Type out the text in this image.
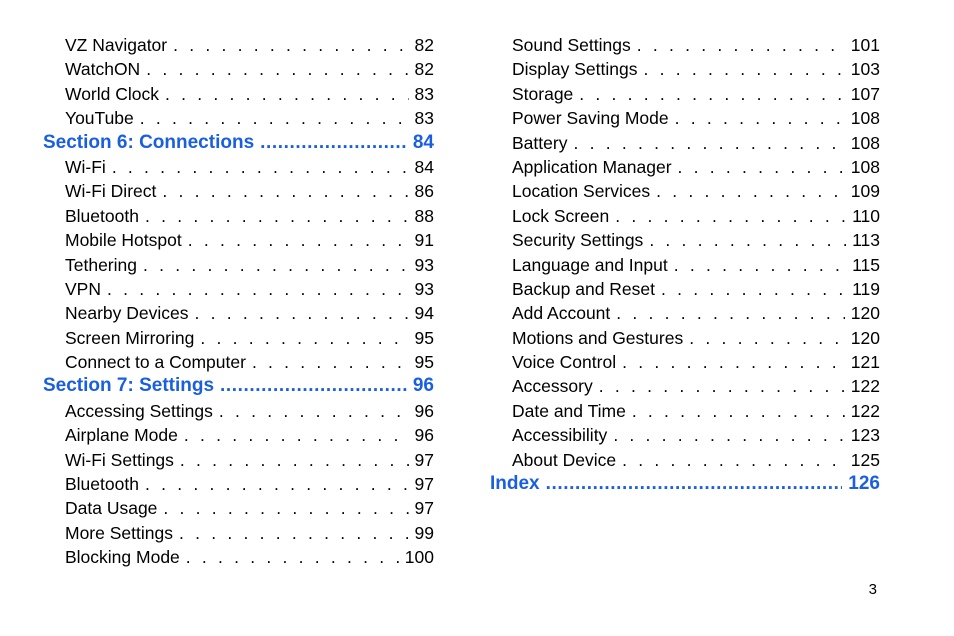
VZ Navigator . . .	82
WatchON . . .	82
World Clock . . .	83
YouTube . . .	83
Section 6: Connections .....	84
Wi-Fi . . .	84
Wi-Fi Direct . . .	86
Bluetooth . . .	88
Mobile Hotspot . . .	91
Tethering . . .	93
VPN . . .	93
Nearby Devices . . .	94
Screen Mirroring . . .	95
Connect to a Computer . . .	95
Section 7: Settings .....	96
Accessing Settings . . .	96
Airplane Mode . . .	96
Wi-Fi Settings . . .	97
Bluetooth . . .	97
Data Usage . . .	97
More Settings . . .	99
Blocking Mode . . .	100
Sound Settings . . .	101
Display Settings . . .	103
Storage . . .	107
Power Saving Mode . . .	108
Battery . . .	108
Application Manager . . .	108
Location Services . . .	109
Lock Screen . . .	110
Security Settings . . .	113
Language and Input . . .	115
Backup and Reset . . .	119
Add Account . . .	120
Motions and Gestures . . .	120
Voice Control . . .	121
Accessory . . .	122
Date and Time . . .	122
Accessibility . . .	123
About Device . . .	125
Index .....	126
3
